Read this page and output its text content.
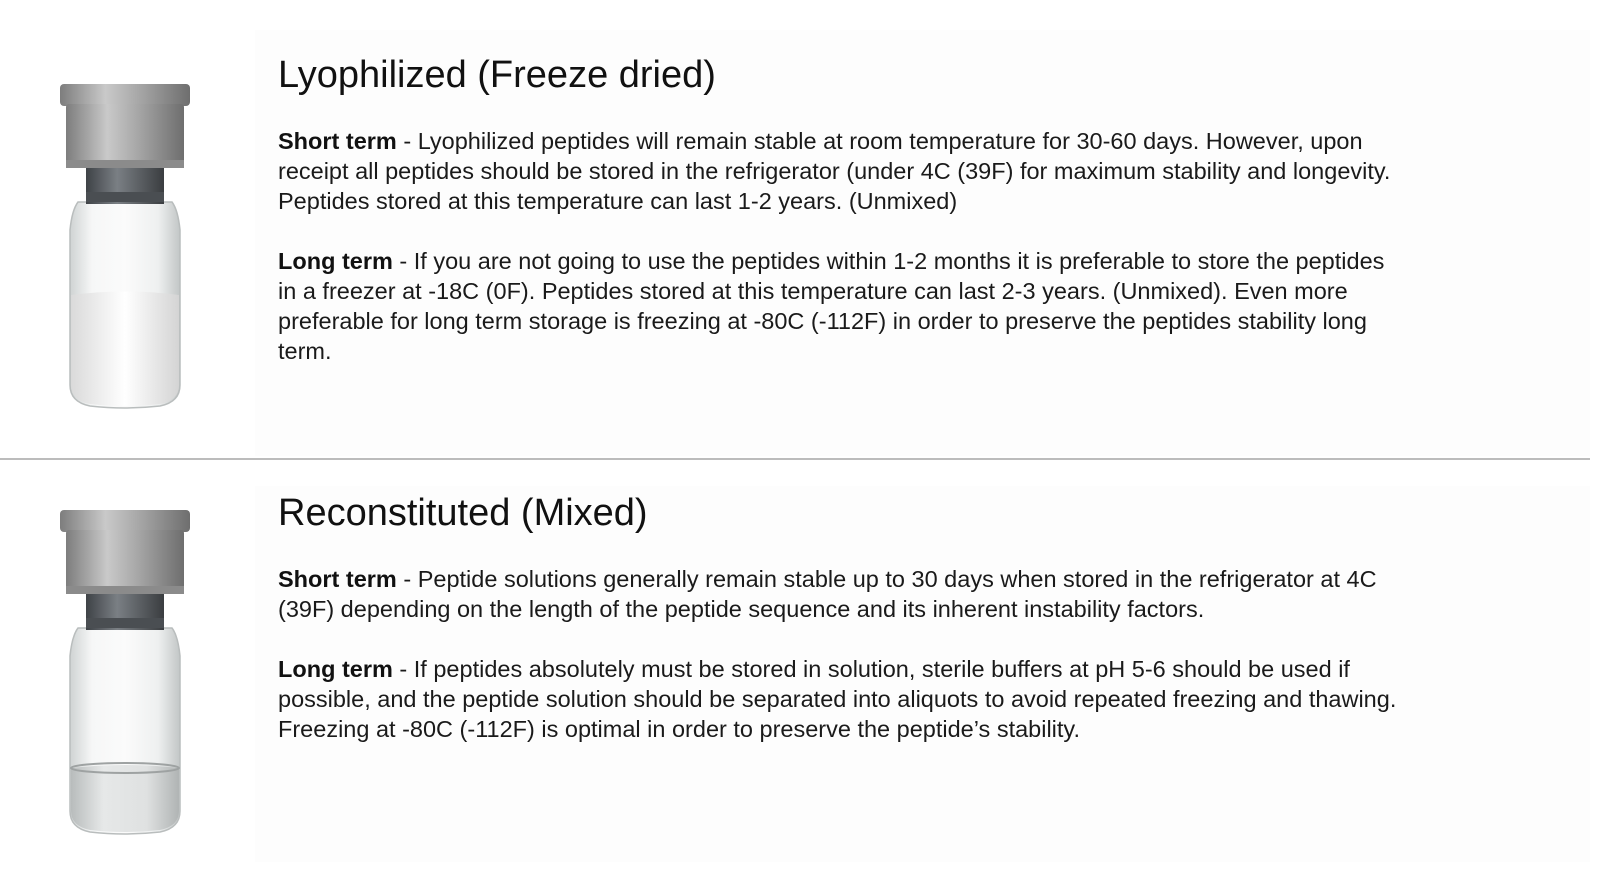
Lyophilized (Freeze dried)

Short term - Lyophilized peptides will remain stable at room temperature for 30-60 days. However, upon receipt all peptides should be stored in the refrigerator (under 4C (39F) for maximum stability and longevity. Peptides stored at this temperature can last 1-2 years. (Unmixed)

Long term - If you are not going to use the peptides within 1-2 months it is preferable to store the peptides in a freezer at -18C (0F). Peptides stored at this temperature can last 2-3 years. (Unmixed). Even more preferable for long term storage is freezing at -80C (-112F) in order to preserve the peptides stability long term.

Reconstituted (Mixed)

Short term - Peptide solutions generally remain stable up to 30 days when stored in the refrigerator at 4C (39F) depending on the length of the peptide sequence and its inherent instability factors.

Long term - If peptides absolutely must be stored in solution, sterile buffers at pH 5-6 should be used if possible, and the peptide solution should be separated into aliquots to avoid repeated freezing and thawing. Freezing at -80C (-112F) is optimal in order to preserve the peptide’s stability.
